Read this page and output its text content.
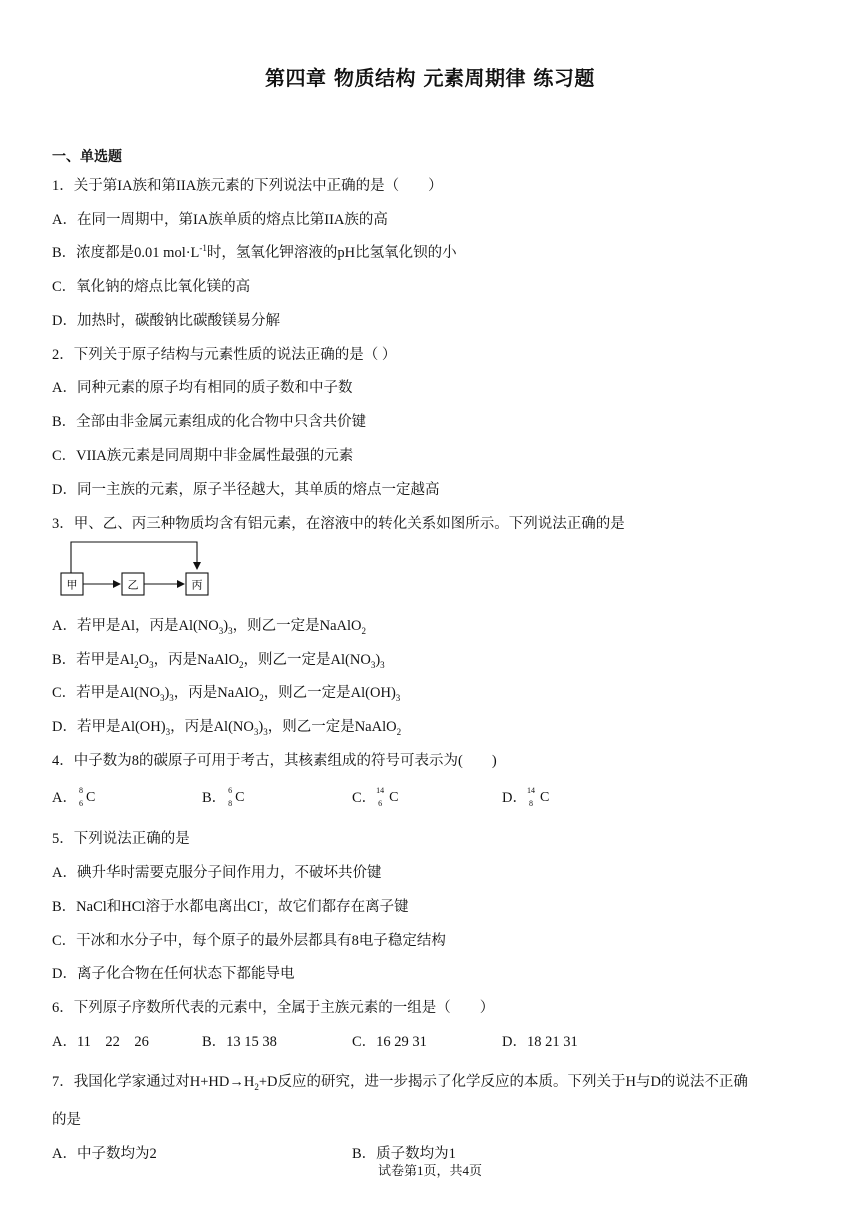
第四章 物质结构 元素周期律 练习题
一、单选题
1．关于第IA族和第IIA族元素的下列说法中正确的是（　　）
A．在同一周期中，第IA族单质的熔点比第IIA族的高
B．浓度都是0.01 $mol\cdot L^{-1}$时，氢氧化钾溶液的pH比氢氧化钡的小
C．氧化钠的熔点比氧化镁的高
D．加热时，碳酸钠比碳酸镁易分解
2．下列关于原子结构与元素性质的说法正确的是（ ）
A．同种元素的原子均有相同的质子数和中子数
B．全部由非金属元素组成的化合物中只含共价键
C．VIIA族元素是同周期中非金属性最强的元素
D．同一主族的元素，原子半径越大，其单质的熔点一定越高
3．甲、乙、丙三种物质均含有铝元素，在溶液中的转化关系如图所示。下列说法正确的是
甲	乙	丙
A．若甲是Al，丙是$Al(NO_3)_3$，则乙一定是NaAlO$_2$
B．若甲是$Al_2O_3$，丙是NaAlO$_2$，则乙一定是$Al(NO_3)_3$
C．若甲是$Al(NO_3)_3$，丙是NaAlO$_2$，则乙一定是$Al(OH)_3$
D．若甲是$Al(OH)_3$，丙是$Al(NO_3)_3$，则乙一定是NaAlO$_2$
4．中子数为8的碳原子可用于考古，其核素组成的符号可表示为(　　)
A． 8
6 C	B． 6
8 C	C． 14
6 C	D． 14
8 C
5．下列说法正确的是
A．碘升华时需要克服分子间作用力，不破坏共价键
B．NaCl和HCl溶于水都电离出Cl-，故它们都存在离子键
C．干冰和水分子中，每个原子的最外层都具有8电子稳定结构
D．离子化合物在任何状态下都能导电
6．下列原子序数所代表的元素中，全属于主族元素的一组是（　　）
A．11　22　26	B．13 15 38	C．16 29 31	D．18 21 31
7．我国化学家通过对$H+HD\to H_2+D$反应的研究，进一步揭示了化学反应的本质。下列关于H与D的说法不正确
的是
A．中子数均为2	B．质子数均为1
试卷第1页，共4页
